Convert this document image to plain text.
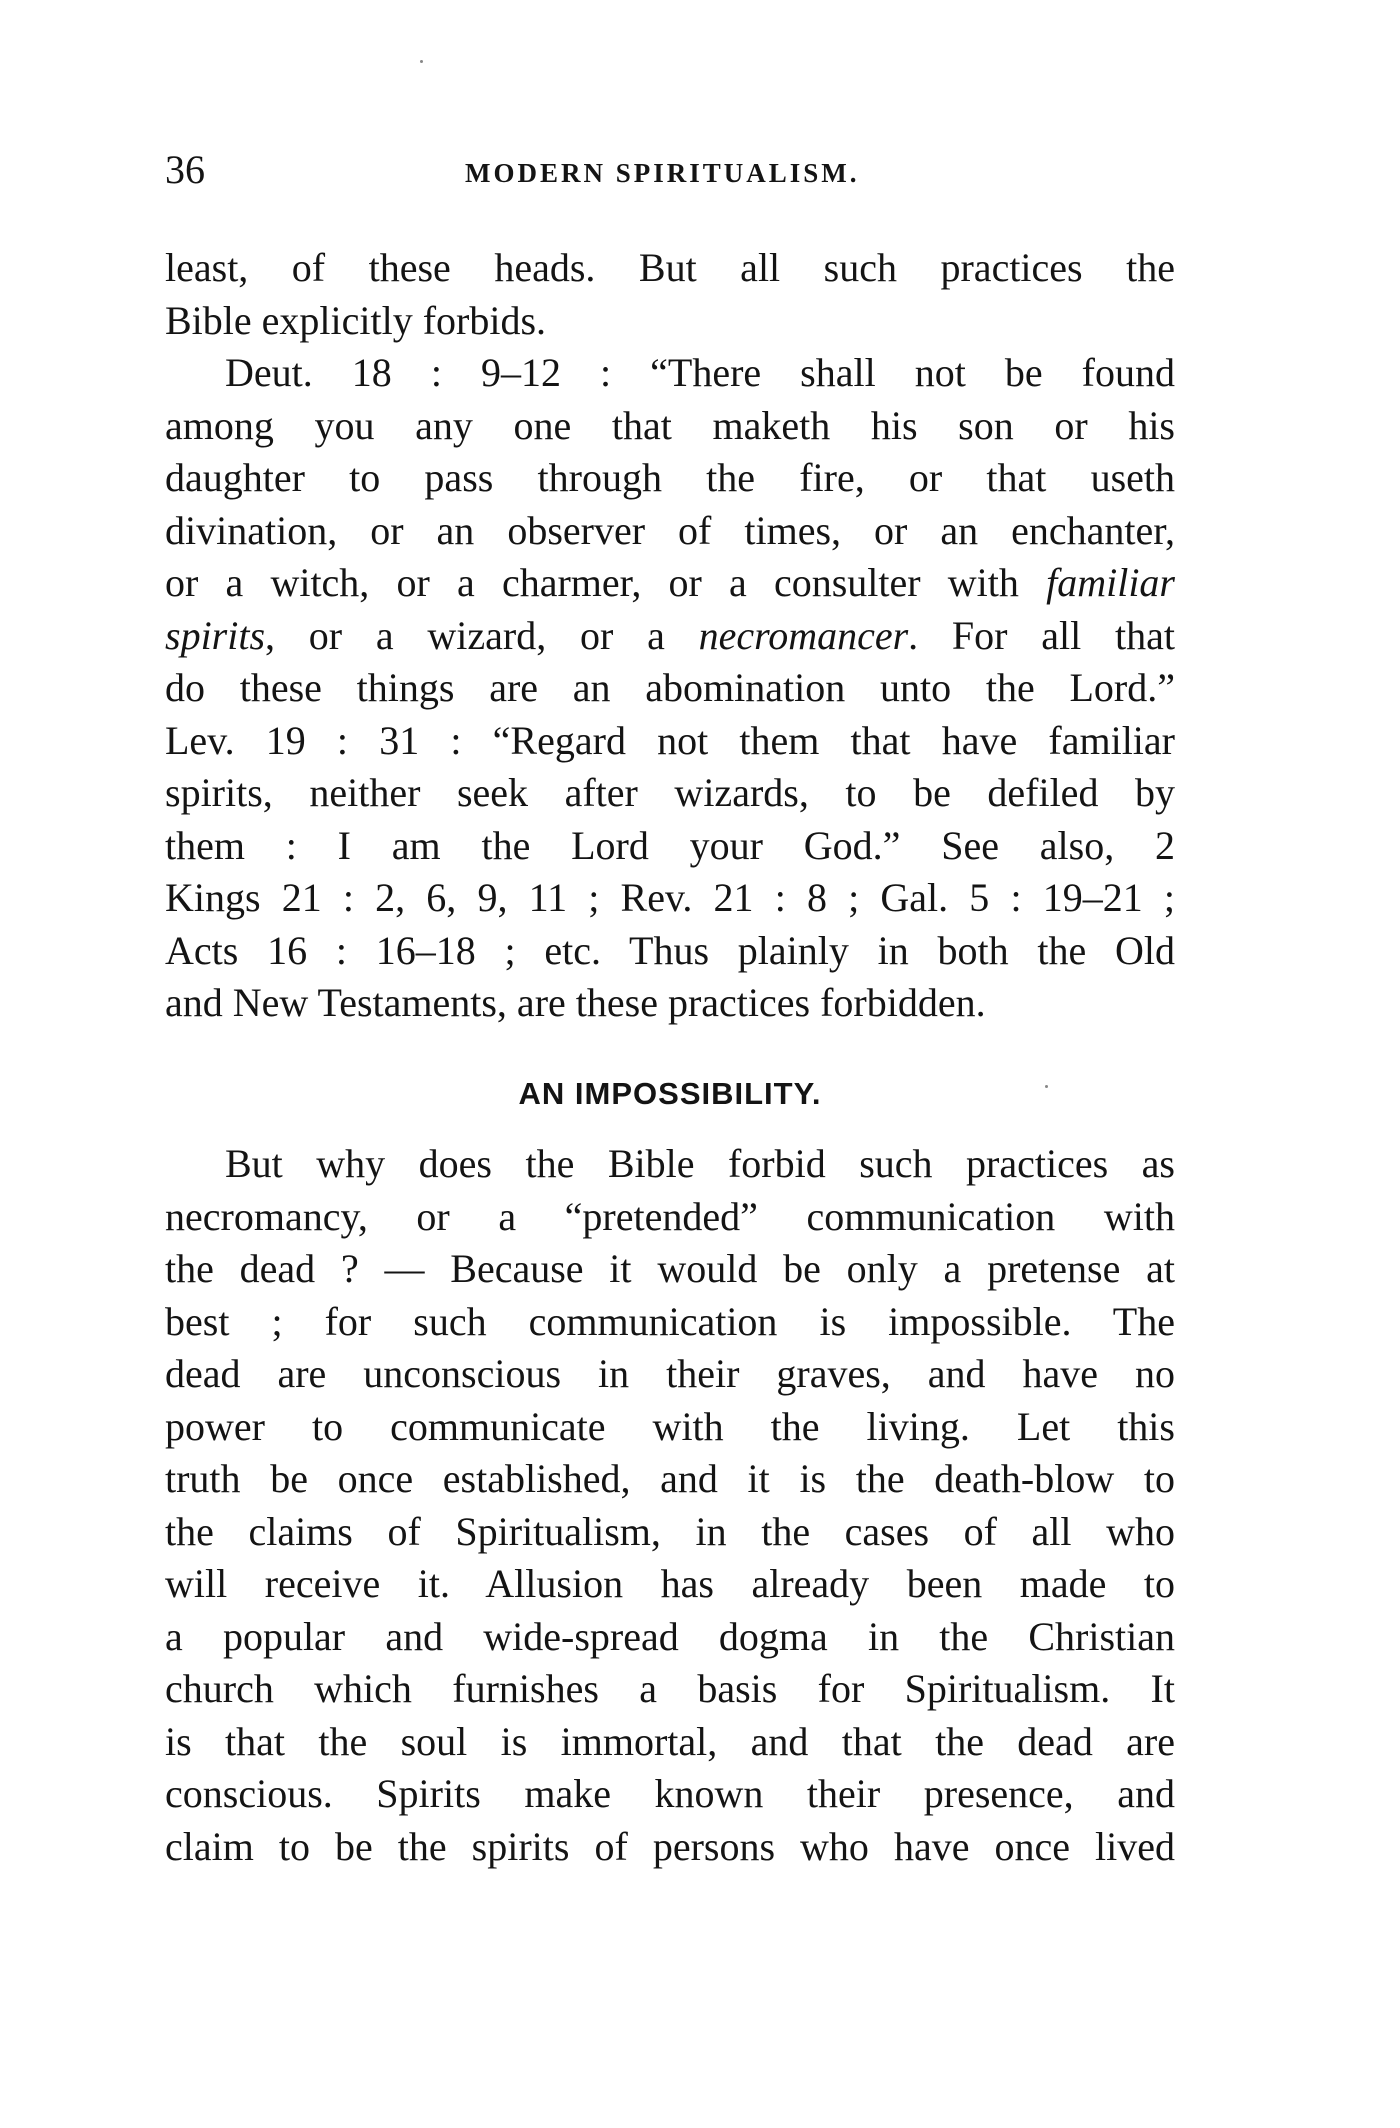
36	MODERN SPIRITUALISM.
least, of these heads. But all such practices the
Bible explicitly forbids.
Deut. 18 : 9–12 : “There shall not be found
among you any one that maketh his son or his
daughter to pass through the fire, or that useth
divination, or an observer of times, or an enchanter,
or a witch, or a charmer, or a consulter with familiar
spirits, or a wizard, or a necromancer. For all that
do these things are an abomination unto the Lord.”
Lev. 19 : 31 : “Regard not them that have familiar
spirits, neither seek after wizards, to be defiled by
them : I am the Lord your God.” See also, 2
Kings 21 : 2, 6, 9, 11 ; Rev. 21 : 8 ; Gal. 5 : 19–21 ;
Acts 16 : 16–18 ; etc. Thus plainly in both the Old
and New Testaments, are these practices forbidden.
AN IMPOSSIBILITY.
But why does the Bible forbid such practices as
necromancy, or a “pretended” communication with
the dead ? — Because it would be only a pretense at
best ; for such communication is impossible. The
dead are unconscious in their graves, and have no
power to communicate with the living. Let this
truth be once established, and it is the death-blow to
the claims of Spiritualism, in the cases of all who
will receive it. Allusion has already been made to
a popular and wide-spread dogma in the Christian
church which furnishes a basis for Spiritualism. It
is that the soul is immortal, and that the dead are
conscious. Spirits make known their presence, and
claim to be the spirits of persons who have once lived
